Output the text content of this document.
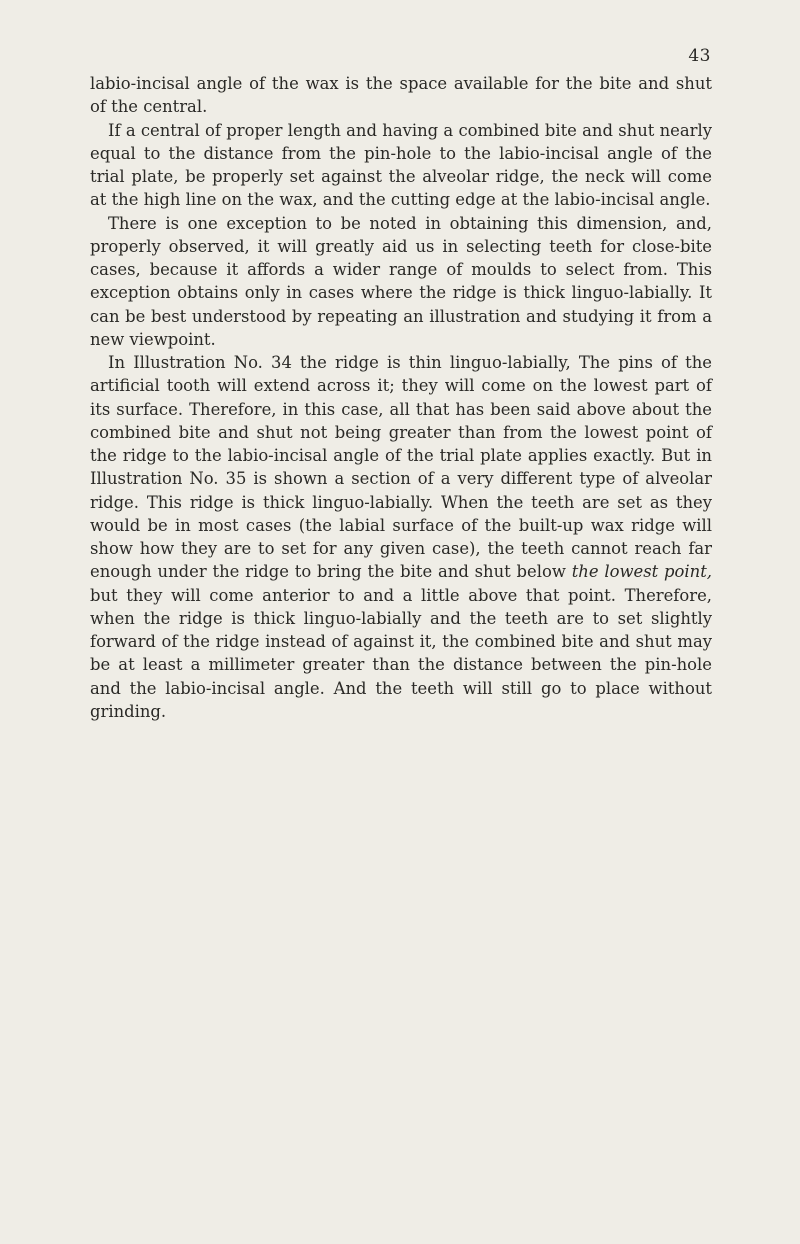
43

labio-incisal angle of the wax is the space available for the bite and shut of the central.

If a central of proper length and having a combined bite and shut nearly equal to the distance from the pin-hole to the labio-incisal angle of the trial plate, be properly set against the alveolar ridge, the neck will come at the high line on the wax, and the cutting edge at the labio-incisal angle.

There is one exception to be noted in obtaining this dimension, and, properly observed, it will greatly aid us in selecting teeth for close-bite cases, because it affords a wider range of moulds to select from. This exception obtains only in cases where the ridge is thick linguo-labially. It can be best understood by repeating an illustration and studying it from a new viewpoint.

In Illustration No. 34 the ridge is thin linguo-labially, The pins of the artificial tooth will extend across it; they will come on the lowest part of its surface. Therefore, in this case, all that has been said above about the combined bite and shut not being greater than from the lowest point of the ridge to the labio-incisal angle of the trial plate applies exactly. But in Illustration No. 35 is shown a section of a very different type of alveolar ridge. This ridge is thick linguo-labially. When the teeth are set as they would be in most cases (the labial surface of the built-up wax ridge will show how they are to set for any given case), the teeth cannot reach far enough under the ridge to bring the bite and shut below the lowest point, but they will come anterior to and a little above that point. Therefore, when the ridge is thick linguo-labially and the teeth are to set slightly forward of the ridge instead of against it, the combined bite and shut may be at least a millimeter greater than the distance between the pin-hole and the labio-incisal angle. And the teeth will still go to place without grinding.
